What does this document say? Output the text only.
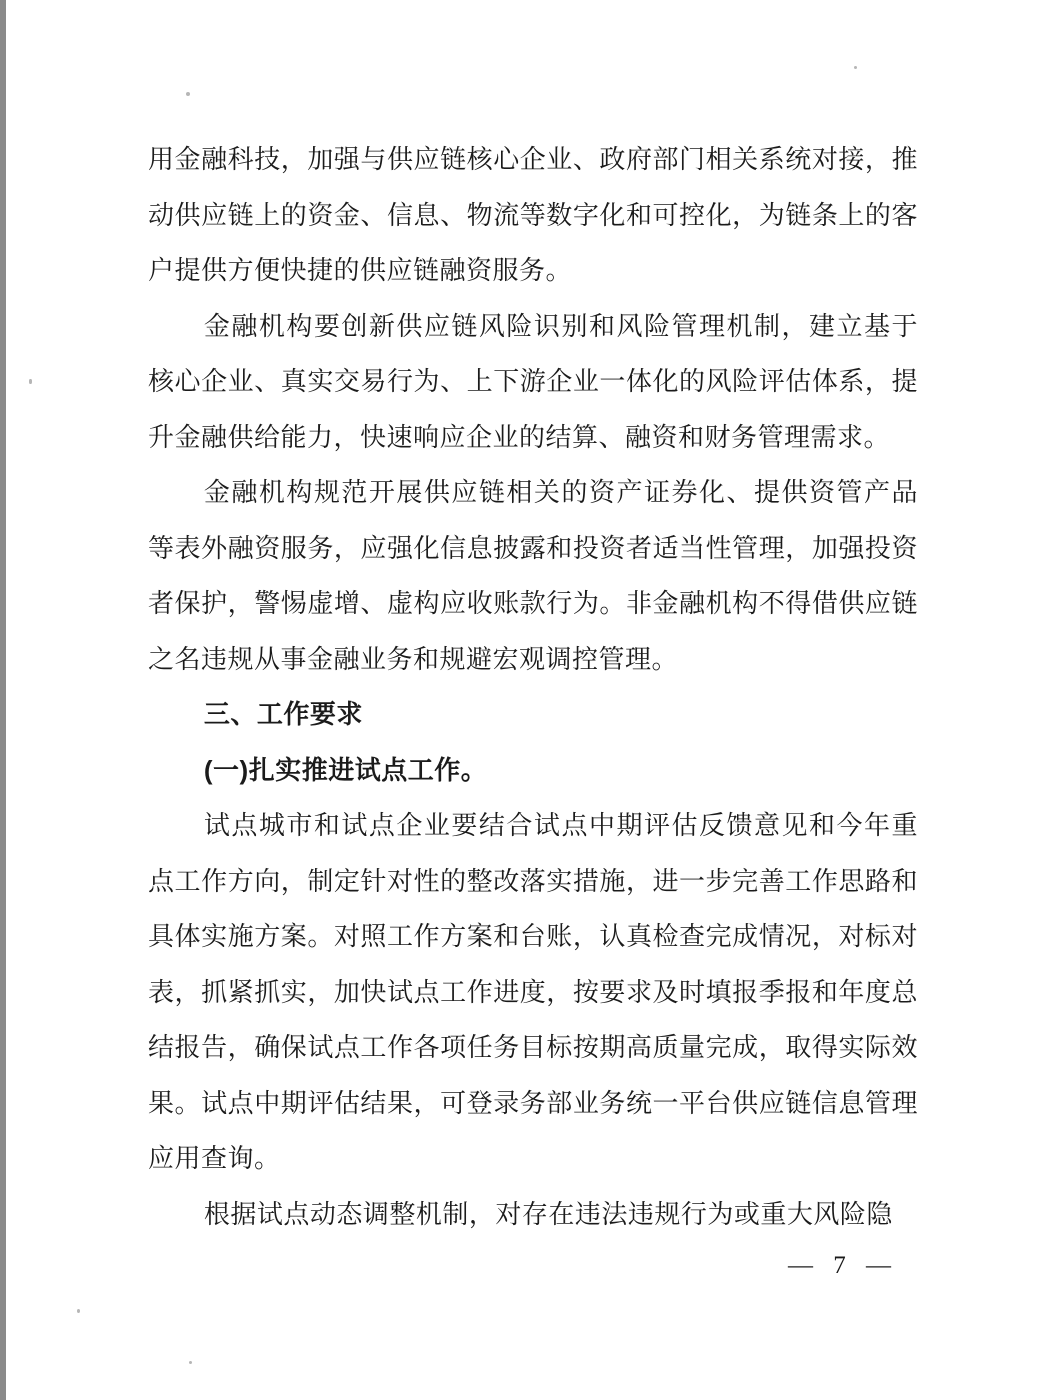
用金融科技，加强与供应链核心企业、政府部门相关系统对接，推动供应链上的资金、信息、物流等数字化和可控化，为链条上的客户提供方便快捷的供应链融资服务。

金融机构要创新供应链风险识别和风险管理机制，建立基于核心企业、真实交易行为、上下游企业一体化的风险评估体系，提升金融供给能力，快速响应企业的结算、融资和财务管理需求。

金融机构规范开展供应链相关的资产证券化、提供资管产品等表外融资服务，应强化信息披露和投资者适当性管理，加强投资者保护，警惕虚增、虚构应收账款行为。非金融机构不得借供应链之名违规从事金融业务和规避宏观调控管理。

三、工作要求

(一)扎实推进试点工作。

试点城市和试点企业要结合试点中期评估反馈意见和今年重点工作方向，制定针对性的整改落实措施，进一步完善工作思路和具体实施方案。对照工作方案和台账，认真检查完成情况，对标对表，抓紧抓实，加快试点工作进度，按要求及时填报季报和年度总结报告，确保试点工作各项任务目标按期高质量完成，取得实际效果。试点中期评估结果，可登录务部业务统一平台供应链信息管理应用查询。

根据试点动态调整机制，对存在违法违规行为或重大风险隐

— 7 —
